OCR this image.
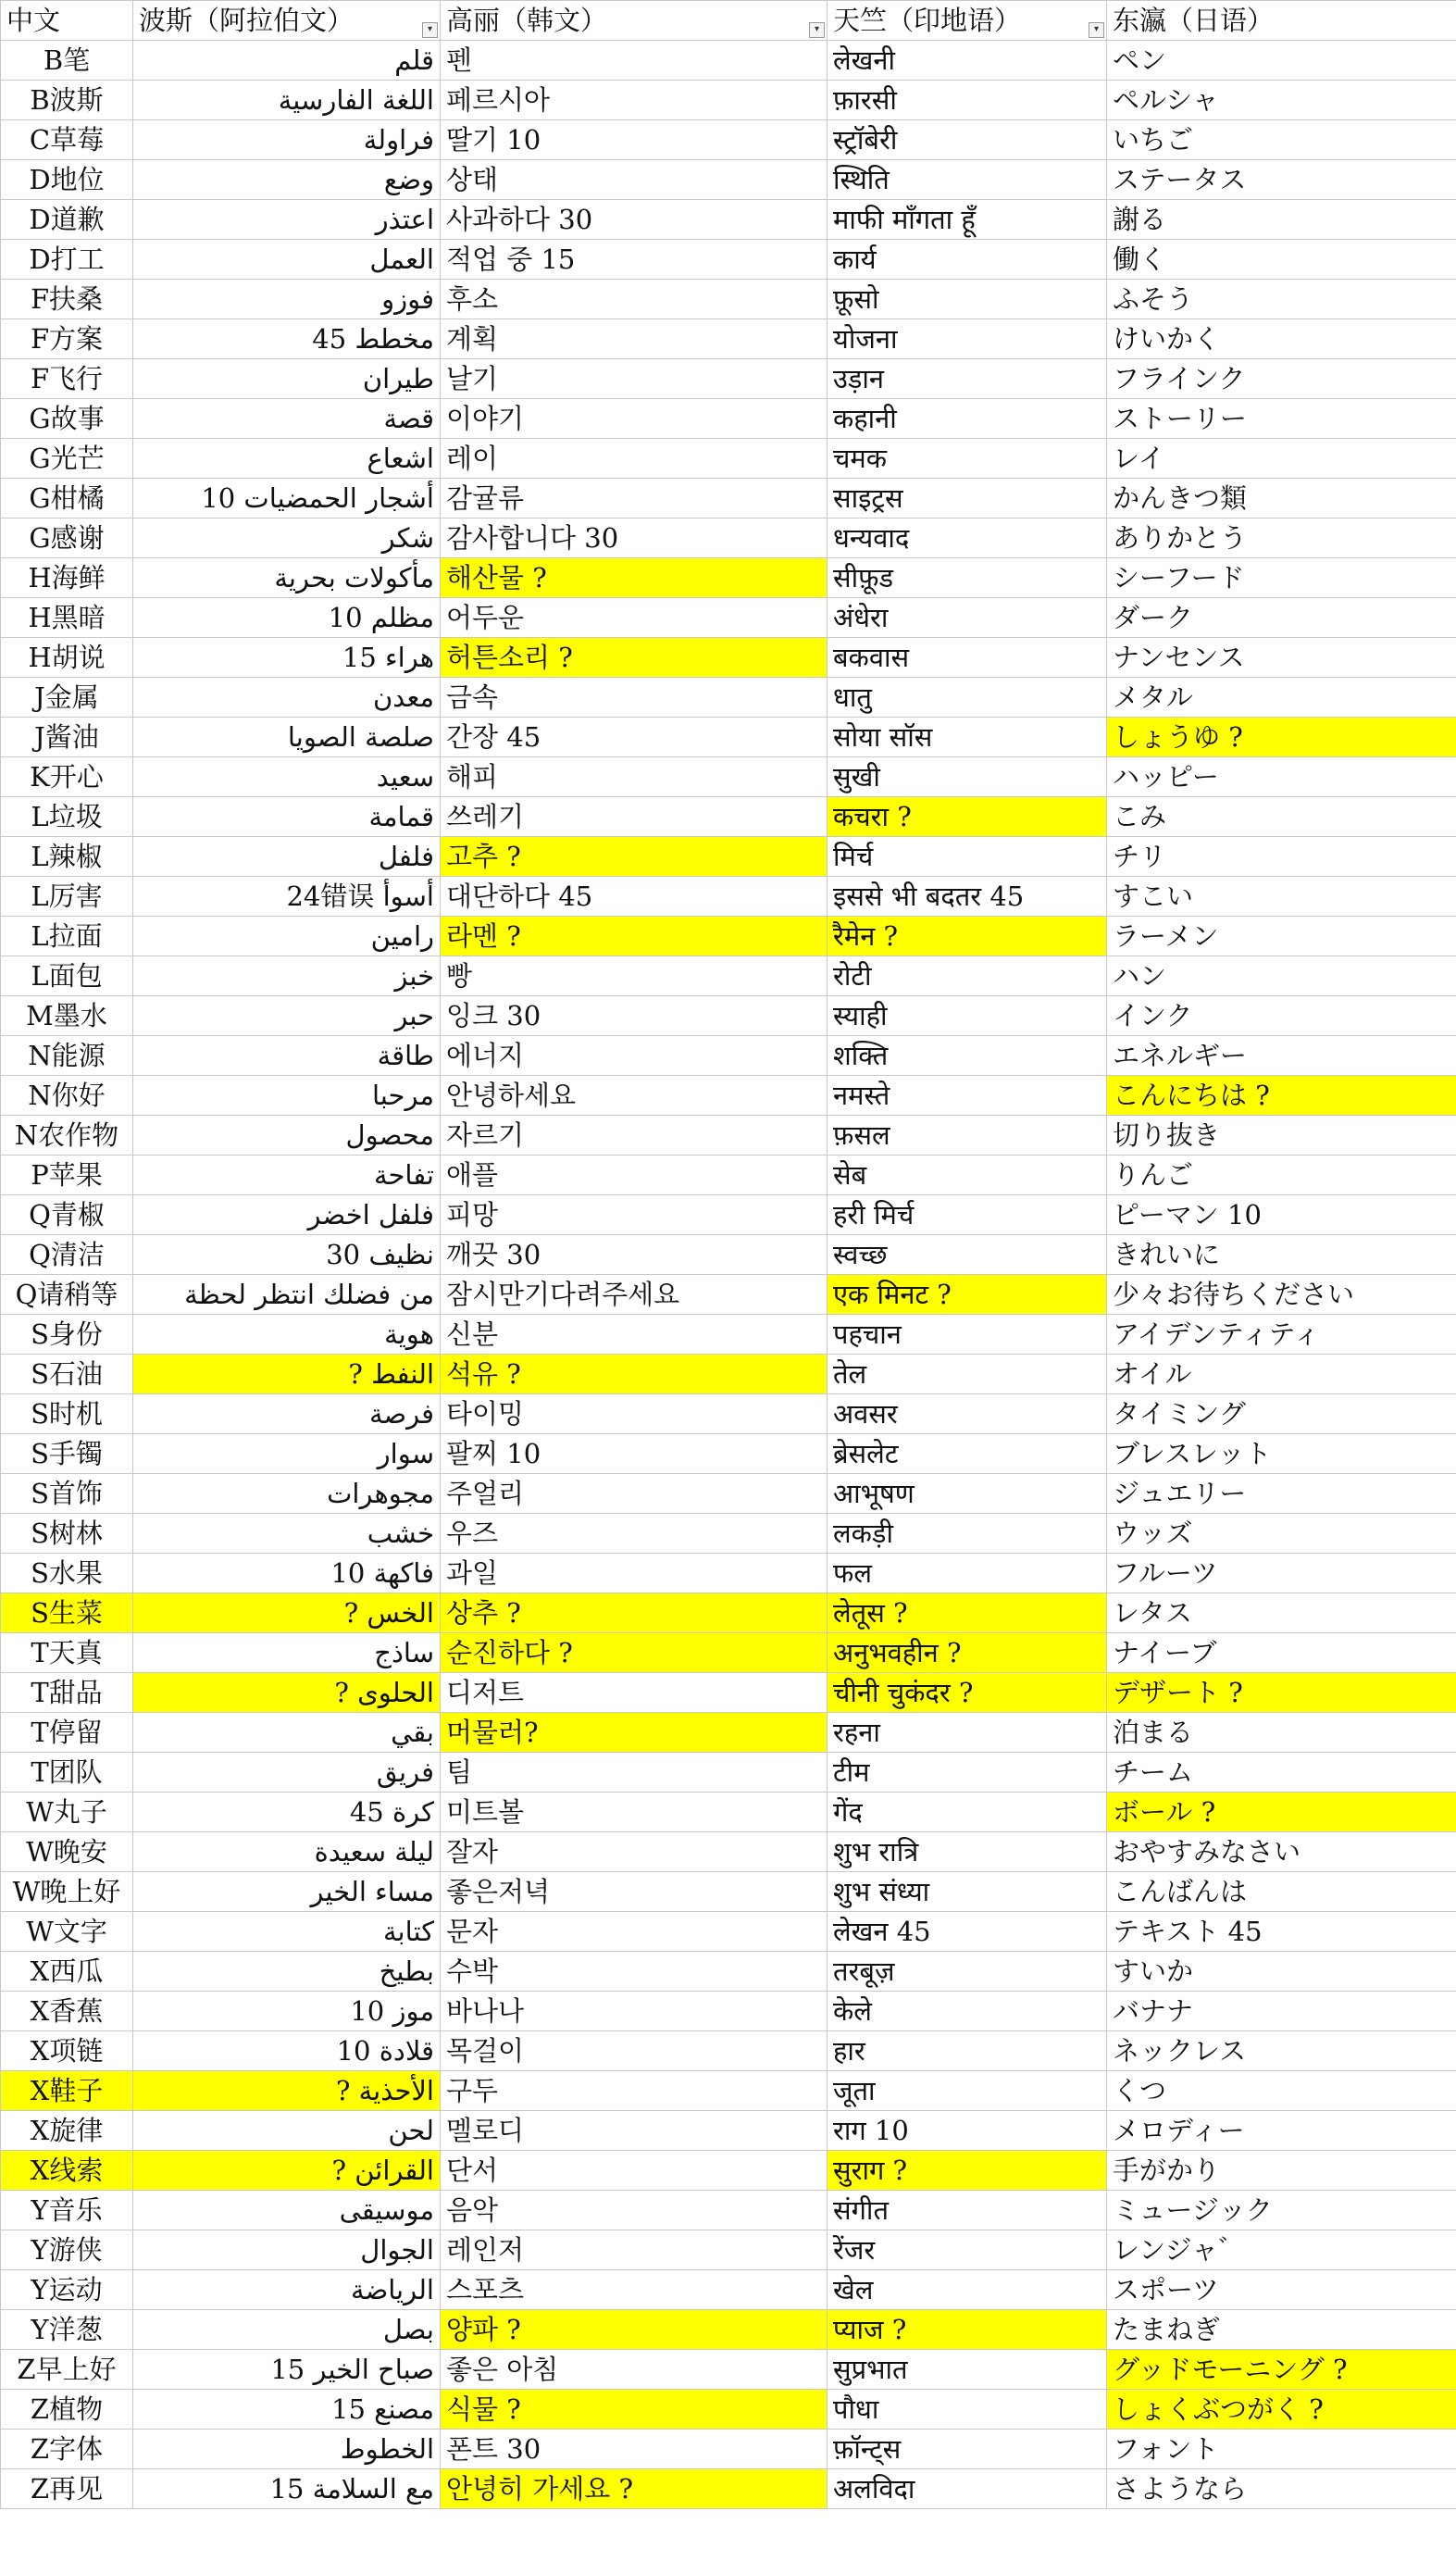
中文	波斯（阿拉伯文） ▾	高丽（韩文） ▾	天竺（印地语） ▾	东瀛（日语）
B笔	قلم	펜	लेखनी	ペン
B波斯	اللغة الفارسية	페르시아	फ़ारसी	ペルシャ
C草莓	فراولة	딸기 10	स्ट्रॉबेरी	いちご
D地位	وضع	상태	स्थिति	ステータス
D道歉	اعتذر	사과하다 30	माफी माँगता हूँ	謝る
D打工	العمل	적업 중 15	कार्य	働く
F扶桑	فوزو	후소	फ़ूसो	ふそう
F方案	مخطط 45	계획	योजना	けいかく
F飞行	طيران	날기	उड़ान	フラインク
G故事	قصة	이야기	कहानी	ストーリー
G光芒	اشعاع	레이	चमक	レイ
G柑橘	أشجار الحمضيات 10	감귤류	साइट्रस	かんきつ類
G感谢	شكر	감사합니다 30	धन्यवाद	ありかとう
H海鲜	مأكولات بحرية	해산물 ?	सीफ़ूड	シーフード
H黑暗	مظلم 10	어두운	अंधेरा	ダーク
H胡说	هراء 15	허튼소리 ?	बकवास	ナンセンス
J金属	معدن	금속	धातु	メタル
J酱油	صلصة الصويا	간장 45	सोया सॉस	しょうゆ ?
K开心	سعيد	해피	सुखी	ハッピー
L垃圾	قمامة	쓰레기	कचरा ?	こみ
L辣椒	فلفل	고추 ?	मिर्च	チリ
L厉害	24错误 أسوأ	대단하다 45	इससे भी बदतर 45	すこい
L拉面	رامين	라멘 ?	रैमेन ?	ラーメン
L面包	خبز	빵	रोटी	ハン
M墨水	حبر	잉크 30	स्याही	インク
N能源	طاقة	에너지	शक्ति	エネルギー
N你好	مرحبا	안녕하세요	नमस्ते	こんにちは ?
N农作物	محصول	자르기	फ़सल	切り抜き
P苹果	تفاحة	애플	सेब	りんご
Q青椒	فلفل اخضر	피망	हरी मिर्च	ピーマン 10
Q清洁	نظيف 30	깨끗 30	स्वच्छ	きれいに
Q请稍等	من فضلك انتظر لحظة	잠시만기다려주세요	एक मिनट ?	少々お待ちください
S身份	هوية	신분	पहचान	アイデンティティ
S石油	النفط ?	석유 ?	तेल	オイル
S时机	فرصة	타이밍	अवसर	タイミング
S手镯	سوار	팔찌 10	ब्रेसलेट	ブレスレット
S首饰	مجوهرات	주얼리	आभूषण	ジュエリー
S树林	خشب	우즈	लकड़ी	ウッズ
S水果	فاكهة 10	과일	फल	フルーツ
S生菜	الخس ?	상추 ?	लेतूस ?	レタス
T天真	ساذج	순진하다 ?	अनुभवहीन ?	ナイーブ
T甜品	الحلوى ?	디저트	चीनी चुकंदर ?	デザート ?
T停留	بقي	머물러?	रहना	泊まる
T团队	فريق	팀	टीम	チーム
W丸子	كرة 45	미트볼	गेंद	ボール ?
W晚安	ليلة سعيدة	잘자	शुभ रात्रि	おやすみなさい
W晚上好	مساء الخير	좋은저녁	शुभ संध्या	こんばんは
W文字	كتابة	문자	लेखन 45	テキスト 45
X西瓜	بطيخ	수박	तरबूज़	すいか
X香蕉	موز 10	바나나	केले	バナナ
X项链	قلادة 10	목걸이	हार	ネックレス
X鞋子	الأحذية ?	구두	जूता	くつ
X旋律	لحن	멜로디	राग 10	メロディー
X线索	القرائن ?	단서	सुराग ?	手がかり
Y音乐	موسيقى	음악	संगीत	ミュージック
Y游侠	الجوال	레인저	रेंजर	レンジャ゛
Y运动	الرياضة	스포츠	खेल	スポーツ
Y洋葱	بصل	양파 ?	प्याज ?	たまねぎ
Z早上好	صباح الخير 15	좋은 아침	सुप्रभात	グッドモーニング ?
Z植物	مصنع 15	식물 ?	पौधा	しょくぶつがく ?
Z字体	الخطوط	폰트 30	फ़ॉन्ट्स	フォント
Z再见	مع السلامة 15	안녕히 가세요 ?	अलविदा	さようなら
